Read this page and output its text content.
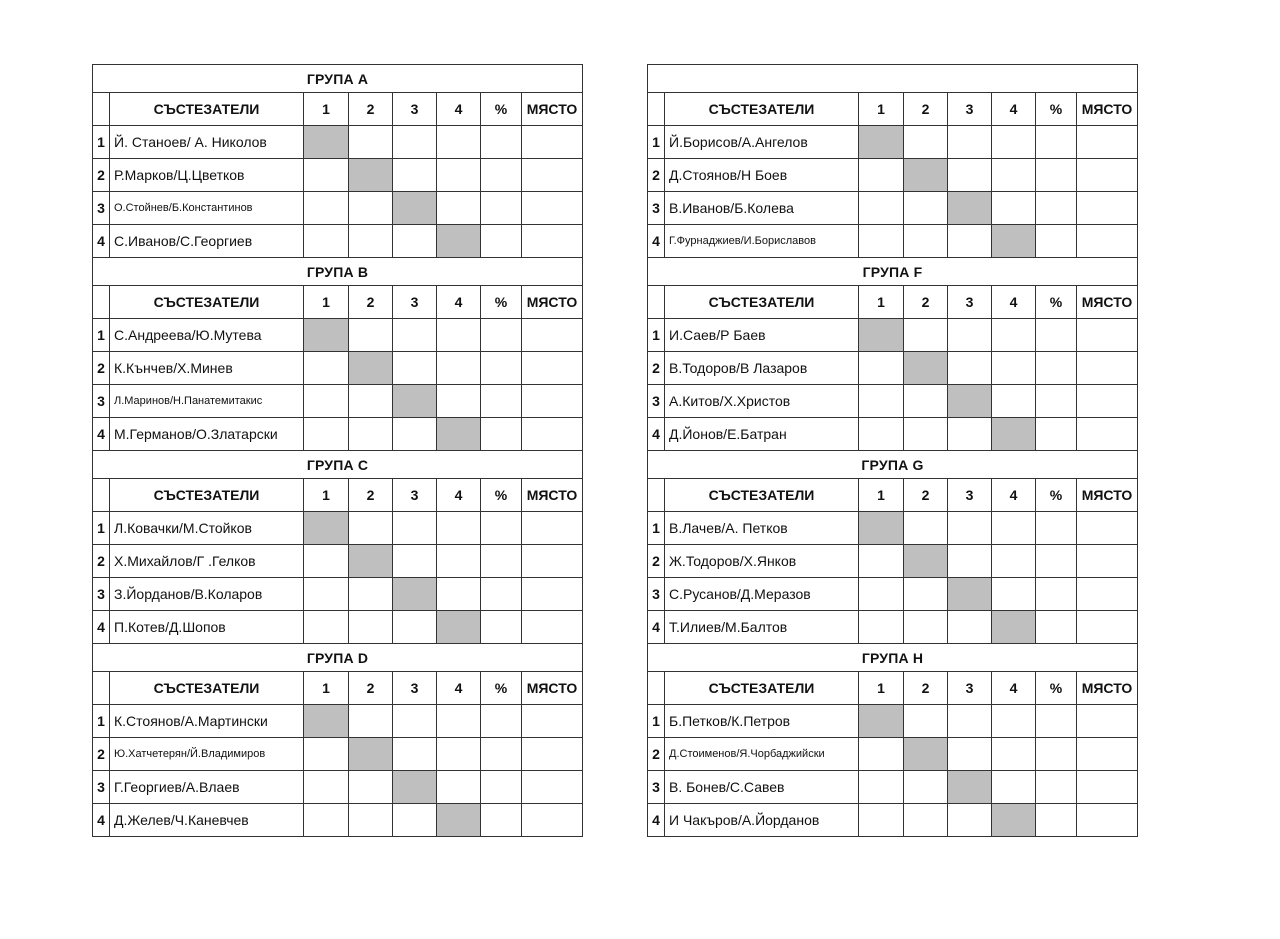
ГРУПА А							
	СЪСТЕЗАТЕЛИ	1	2	3	4	%	МЯСТО
1	Й. Станоев/ А. Николов						
2	Р.Марков/Ц.Цветков						
3	О.Стойнев/Б.Константинов						
4	С.Иванов/С.Георгиев						
ГРУПА В							
	СЪСТЕЗАТЕЛИ	1	2	3	4	%	МЯСТО
1	С.Андреева/Ю.Мутева						
2	К.Кънчев/Х.Минев						
3	Л.Маринов/Н.Панатемитакис						
4	М.Германов/О.Златарски						
ГРУПА С							
	СЪСТЕЗАТЕЛИ	1	2	3	4	%	МЯСТО
1	Л.Ковачки/М.Стойков						
2	Х.Михайлов/Г .Гелков						
3	З.Йорданов/В.Коларов						
4	П.Котев/Д.Шопов						
ГРУПА D							
	СЪСТЕЗАТЕЛИ	1	2	3	4	%	МЯСТО
1	К.Стоянов/А.Мартински						
2	Ю.Хатчетерян/Й.Владимиров						
3	Г.Георгиев/А.Влаев						
4	Д.Желев/Ч.Каневчев						

	СЪСТЕЗАТЕЛИ	1	2	3	4	%	МЯСТО
1	Й.Борисов/А.Ангелов						
2	Д.Стоянов/Н Боев						
3	В.Иванов/Б.Колева						
4	Г.Фурнаджиев/И.Бориславов						
ГРУПА F							
	СЪСТЕЗАТЕЛИ	1	2	3	4	%	МЯСТО
1	И.Саев/Р Баев						
2	В.Тодоров/В Лазаров						
3	А.Китов/Х.Христов						
4	Д.Йонов/Е.Батран						
ГРУПА G							
	СЪСТЕЗАТЕЛИ	1	2	3	4	%	МЯСТО
1	В.Лачев/А. Петков						
2	Ж.Тодоров/Х.Янков						
3	С.Русанов/Д.Меразов						
4	Т.Илиев/М.Балтов						
ГРУПА Н							
	СЪСТЕЗАТЕЛИ	1	2	3	4	%	МЯСТО
1	Б.Петков/К.Петров						
2	Д.Стоименов/Я.Чорбаджийски						
3	В. Бонев/С.Савев						
4	И Чакъров/А.Йорданов						
